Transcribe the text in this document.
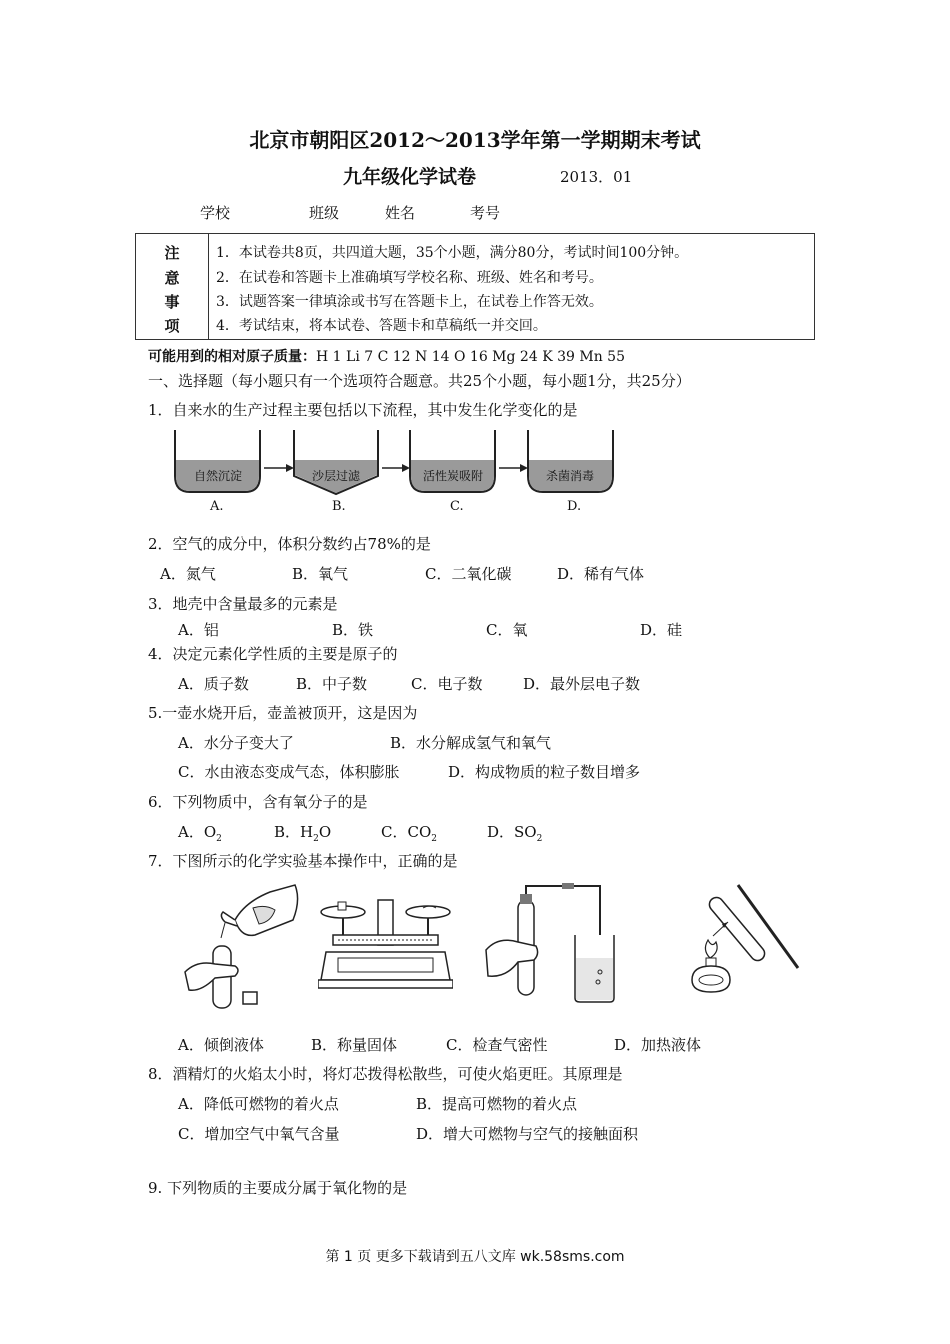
北京市朝阳区2012～2013学年第一学期期末考试
九年级化学试卷	2013．01
学校	班级	姓名	考号
注
意
事
项
1．本试卷共8页，共四道大题，35个小题，满分80分，考试时间100分钟。
2．在试卷和答题卡上准确填写学校名称、班级、姓名和考号。
3．试题答案一律填涂或书写在答题卡上，在试卷上作答无效。
4．考试结束，将本试卷、答题卡和草稿纸一并交回。
可能用到的相对原子质量：H 1 Li 7 C 12 N 14 O 16 Mg 24 K 39 Mn 55
一、选择题（每小题只有一个选项符合题意。共25个小题，每小题1分，共25分）
1．自来水的生产过程主要包括以下流程，其中发生化学变化的是
自然沉淀	沙层过滤	活性炭吸附	杀菌消毒
A.	B.	C.	D.
2．空气的成分中，体积分数约占78%的是
A．氮气	B．氧气	C．二氧化碳	D．稀有气体
3．地壳中含量最多的元素是
A．铝	B．铁	C．氧	D．硅
4．决定元素化学性质的主要是原子的
A．质子数	B．中子数	C．电子数	D．最外层电子数
5.一壶水烧开后，壶盖被顶开，这是因为
A．水分子变大了	B．水分解成氢气和氧气
C．水由液态变成气态，体积膨胀	D．构成物质的粒子数目增多
6．下列物质中，含有氧分子的是
A．$O_2$	B．$H_2O$	C．$CO_2$	D．$SO_2$
7．下图所示的化学实验基本操作中，正确的是
A．倾倒液体	B．称量固体	C．检查气密性	D．加热液体
8．酒精灯的火焰太小时，将灯芯拨得松散些，可使火焰更旺。其原理是
A．降低可燃物的着火点	B．提高可燃物的着火点
C．增加空气中氧气含量	D．增大可燃物与空气的接触面积
9. 下列物质的主要成分属于氧化物的是
第 1 页 更多下载请到五八文库 wk.58sms.com
